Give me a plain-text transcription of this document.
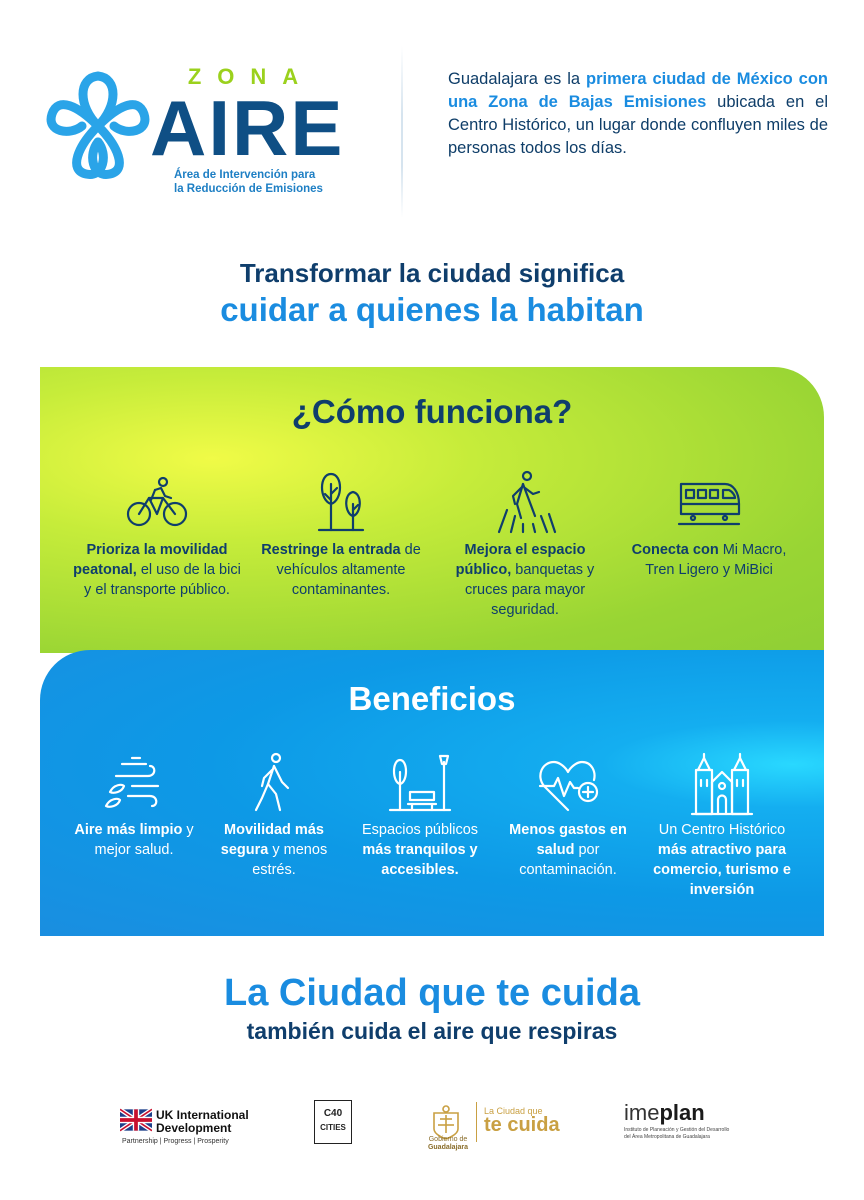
ZONA
AIRE
Área de Intervención para
la Reducción de Emisiones
Guadalajara es la primera ciudad de México con una Zona de Bajas Emisiones ubicada en el Centro Histórico, un lugar donde confluyen miles de personas todos los días.
Transformar la ciudad significa
cuidar a quienes la habitan
¿Cómo funciona?

Prioriza la movilidad peatonal, el uso de la bici y el transporte público.

Restringe la entrada de vehículos altamente contaminantes.

Mejora el espacio público, banquetas y cruces para mayor seguridad.

Conecta con Mi Macro, Tren Ligero y MiBici

Beneficios

Aire más limpio y mejor salud.

Movilidad más segura y menos estrés.

Espacios públicos más tranquilos y accesibles.

Menos gastos en salud por contaminación.

Un Centro Histórico más atractivo para comercio, turismo e inversión

La Ciudad que te cuida
también cuida el aire que respiras
UK International
Development
Partnership | Progress | Prosperity
C40
CITIES
Gobierno de
Guadalajara
La Ciudad que
te cuida	imeplan
Instituto de Planeación y Gestión del Desarrollo
del Área Metropolitana de Guadalajara
